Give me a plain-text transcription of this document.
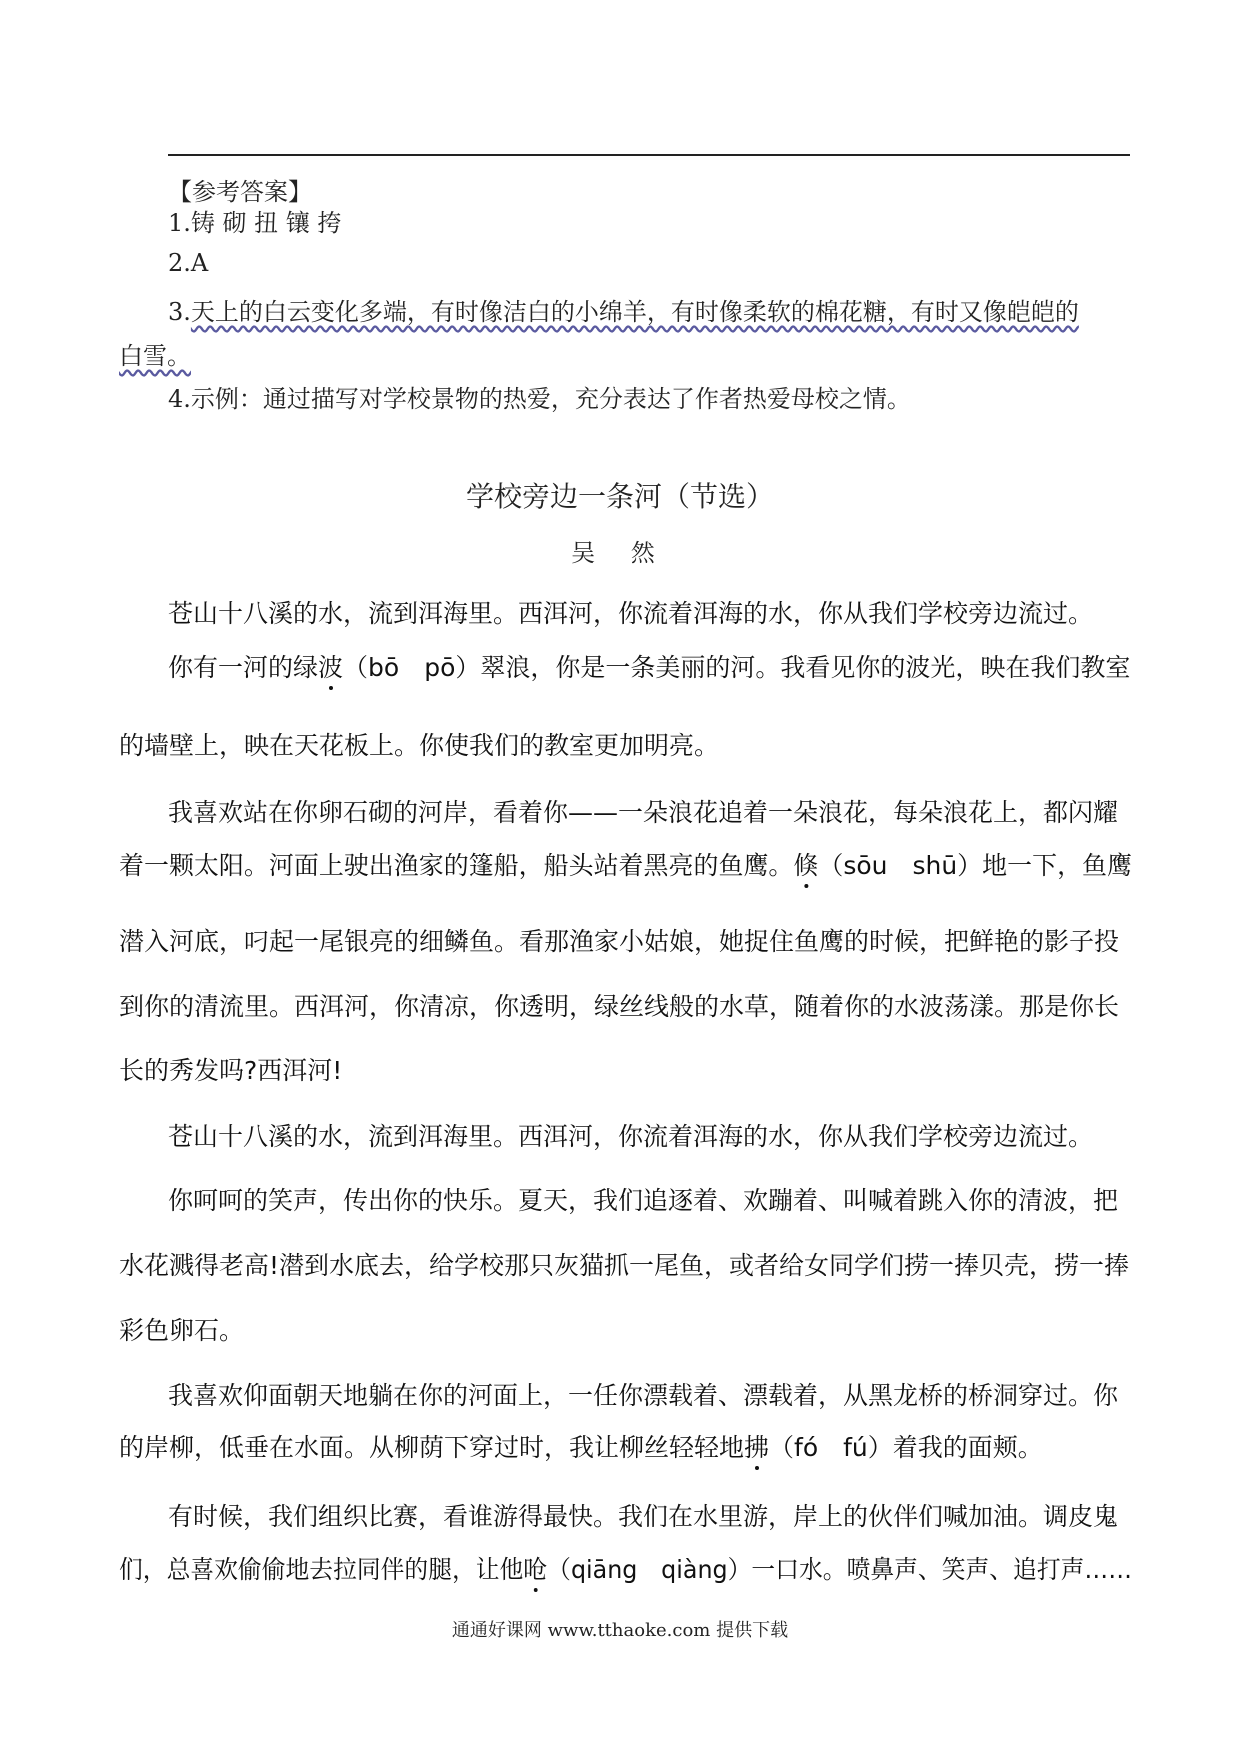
【参考答案】
1.铸 砌 扭 镶 挎
2.A
3.天上的白云变化多端，有时像洁白的小绵羊，有时像柔软的棉花糖，有时又像皑皑的
白雪。
4.示例：通过描写对学校景物的热爱，充分表达了作者热爱母校之情。
学校旁边一条河（节选）
吴 然
苍山十八溪的水，流到洱海里。西洱河，你流着洱海的水，你从我们学校旁边流过。
你有一河的绿波（bō　pō）翠浪，你是一条美丽的河。我看见你的波光，映在我们教室
的墙壁上，映在天花板上。你使我们的教室更加明亮。
我喜欢站在你卵石砌的河岸，看着你——一朵浪花追着一朵浪花，每朵浪花上，都闪耀
着一颗太阳。河面上驶出渔家的篷船，船头站着黑亮的鱼鹰。倏（sōu　shū）地一下，鱼鹰
潜入河底，叼起一尾银亮的细鳞鱼。看那渔家小姑娘，她捉住鱼鹰的时候，把鲜艳的影子投
到你的清流里。西洱河，你清凉，你透明，绿丝线般的水草，随着你的水波荡漾。那是你长
长的秀发吗?西洱河!
苍山十八溪的水，流到洱海里。西洱河，你流着洱海的水，你从我们学校旁边流过。
你呵呵的笑声，传出你的快乐。夏天，我们追逐着、欢蹦着、叫喊着跳入你的清波，把
水花溅得老高!潜到水底去，给学校那只灰猫抓一尾鱼，或者给女同学们捞一捧贝壳，捞一捧
彩色卵石。
我喜欢仰面朝天地躺在你的河面上，一任你漂载着、漂载着，从黑龙桥的桥洞穿过。你
的岸柳，低垂在水面。从柳荫下穿过时，我让柳丝轻轻地拂（fó　fú）着我的面颊。
有时候，我们组织比赛，看谁游得最快。我们在水里游，岸上的伙伴们喊加油。调皮鬼
们，总喜欢偷偷地去拉同伴的腿，让他呛（qiāng　qiàng）一口水。喷鼻声、笑声、追打声……
通通好课网 www.tthaoke.com 提供下载
